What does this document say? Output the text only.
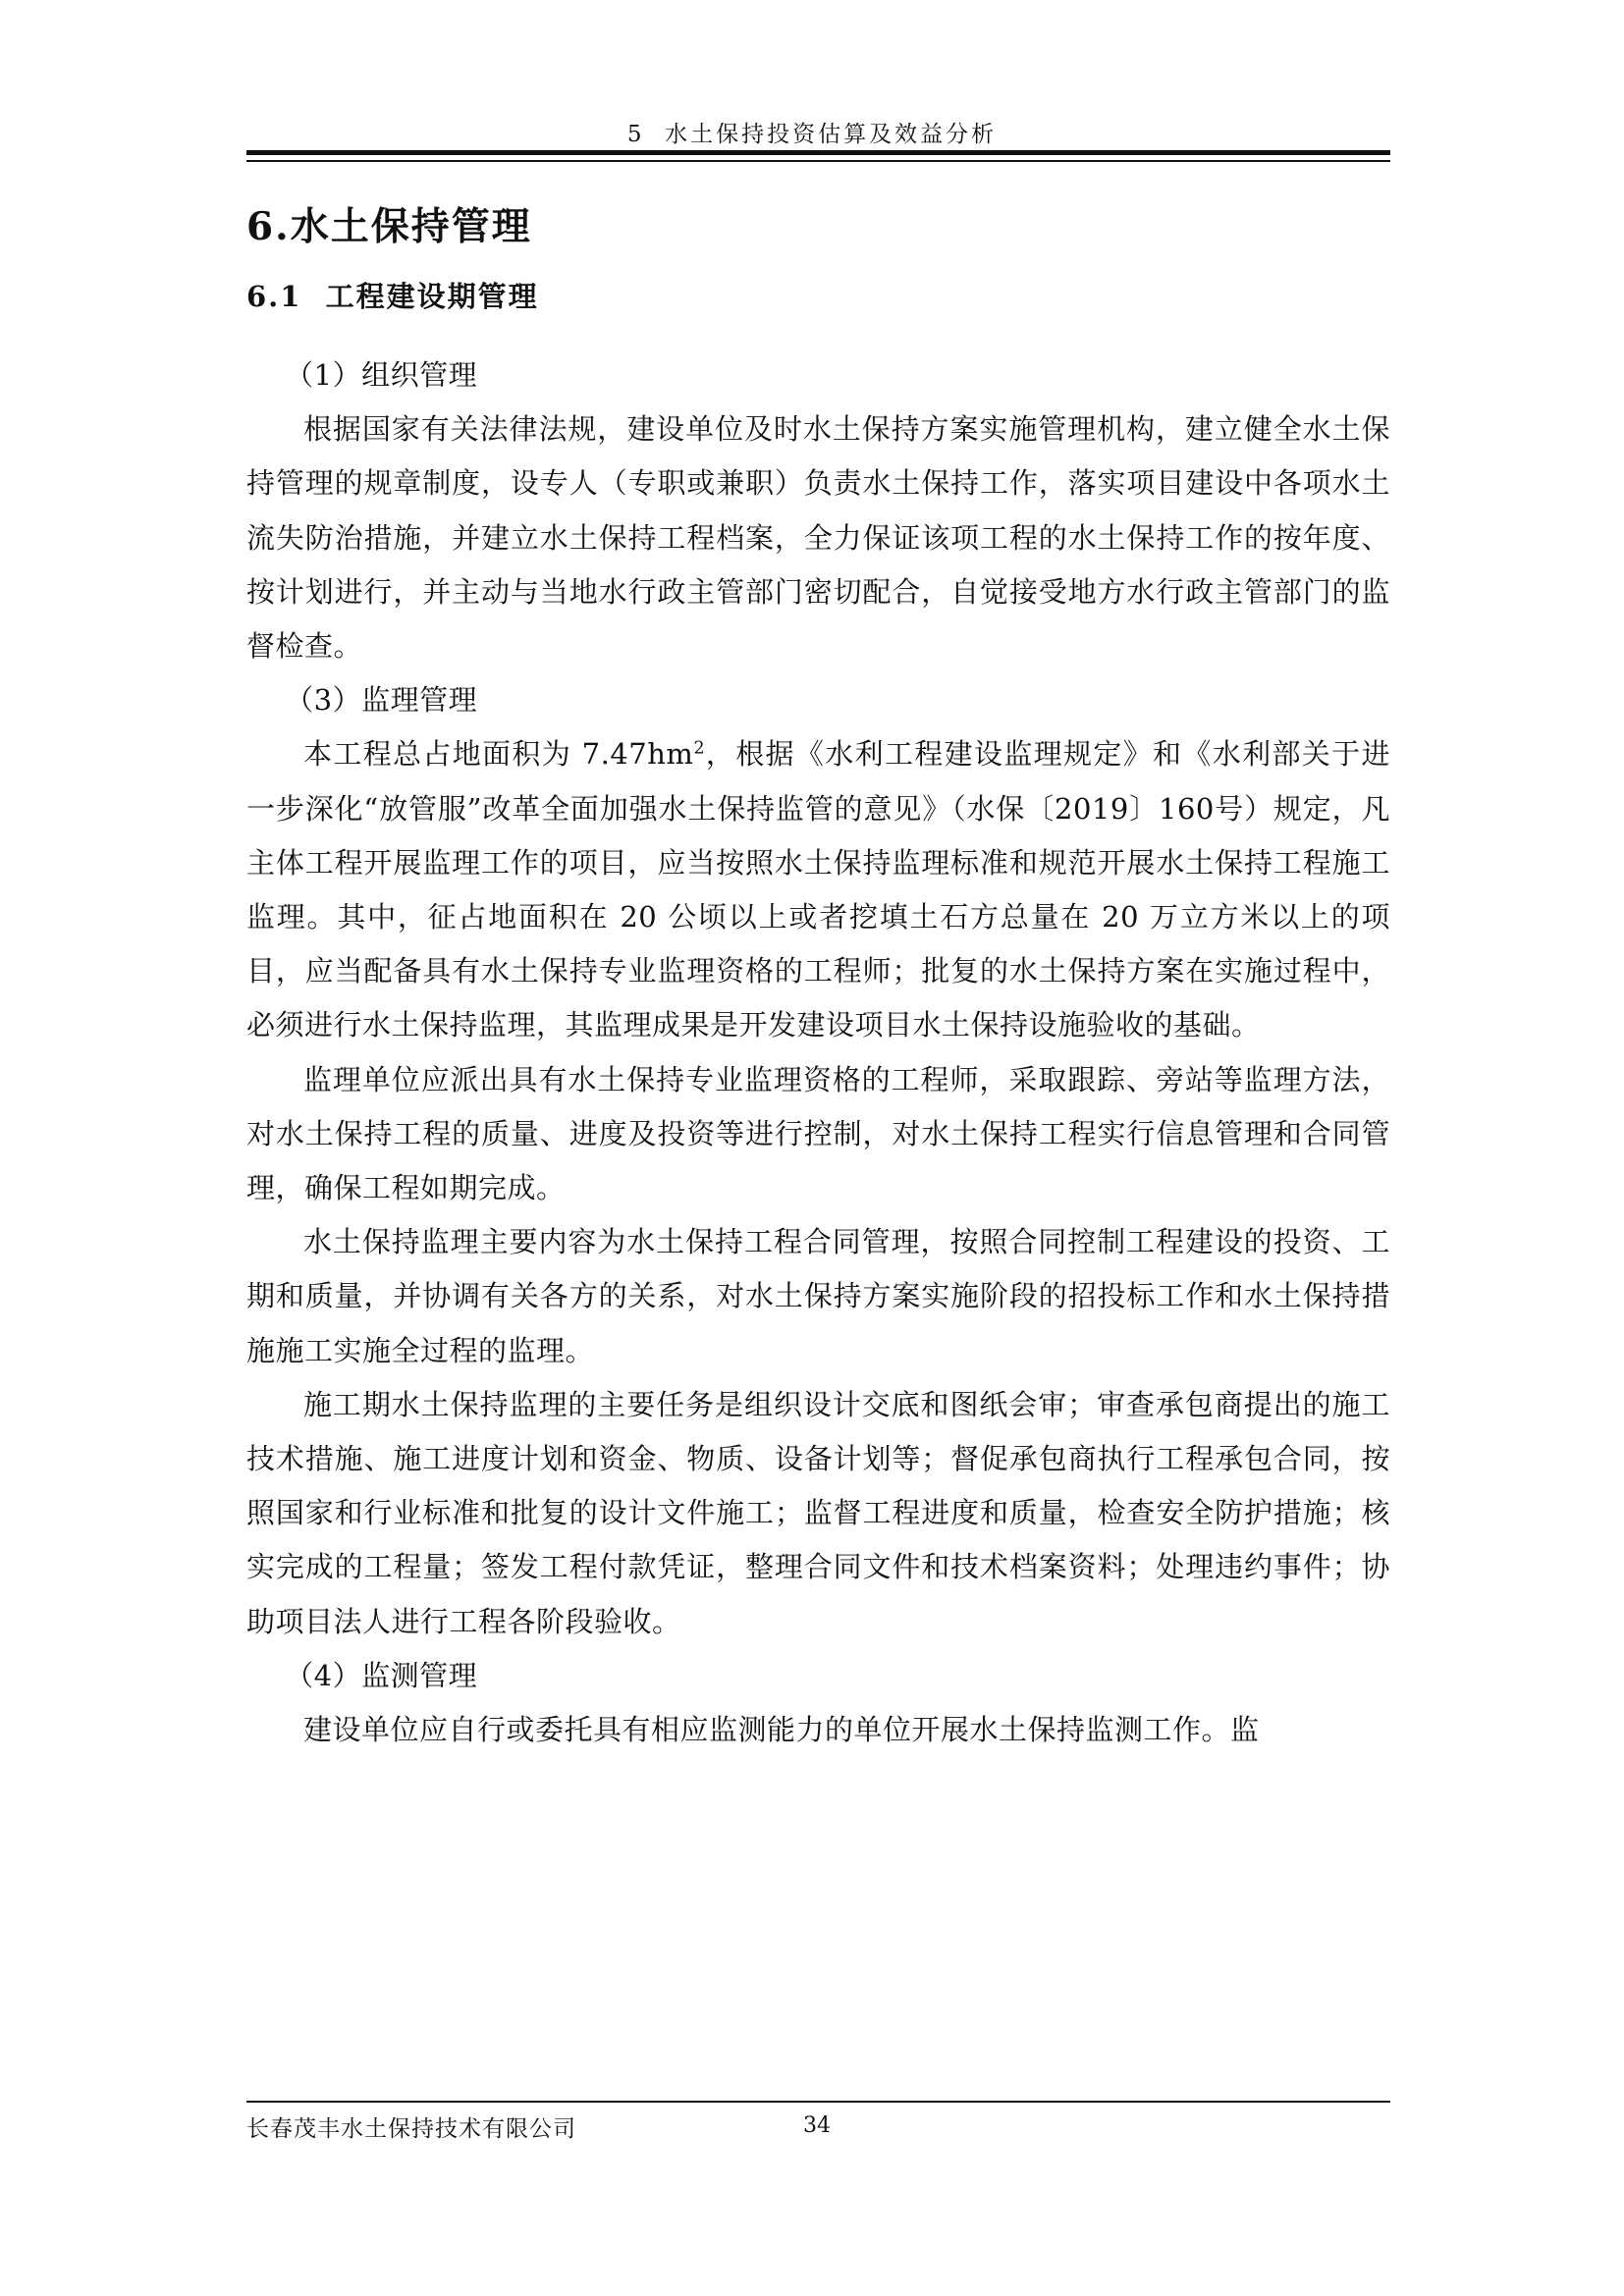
5  水土保持投资估算及效益分析
6.水土保持管理
6.1  工程建设期管理

（1）组织管理

根据国家有关法律法规，建设单位及时水土保持方案实施管理机构，建立健全水土保持管理的规章制度，设专人（专职或兼职）负责水土保持工作，落实项目建设中各项水土流失防治措施，并建立水土保持工程档案，全力保证该项工程的水土保持工作的按年度、按计划进行，并主动与当地水行政主管部门密切配合，自觉接受地方水行政主管部门的监督检查。

（3）监理管理

本工程总占地面积为 $7.47hm^2$，根据《水利工程建设监理规定》和《水利部关于进一步深化“放管服”改革全面加强水土保持监管的意见》（水保〔2019〕160号）规定，凡主体工程开展监理工作的项目，应当按照水土保持监理标准和规范开展水土保持工程施工监理。其中，征占地面积在 20 公顷以上或者挖填土石方总量在 20 万立方米以上的项目，应当配备具有水土保持专业监理资格的工程师；批复的水土保持方案在实施过程中，必须进行水土保持监理，其监理成果是开发建设项目水土保持设施验收的基础。

监理单位应派出具有水土保持专业监理资格的工程师，采取跟踪、旁站等监理方法，对水土保持工程的质量、进度及投资等进行控制，对水土保持工程实行信息管理和合同管理，确保工程如期完成。

水土保持监理主要内容为水土保持工程合同管理，按照合同控制工程建设的投资、工期和质量，并协调有关各方的关系，对水土保持方案实施阶段的招投标工作和水土保持措施施工实施全过程的监理。

施工期水土保持监理的主要任务是组织设计交底和图纸会审；审查承包商提出的施工技术措施、施工进度计划和资金、物质、设备计划等；督促承包商执行工程承包合同，按照国家和行业标准和批复的设计文件施工；监督工程进度和质量，检查安全防护措施；核实完成的工程量；签发工程付款凭证，整理合同文件和技术档案资料；处理违约事件；协助项目法人进行工程各阶段验收。

（4）监测管理

建设单位应自行或委托具有相应监测能力的单位开展水土保持监测工作。监

长春茂丰水土保持技术有限公司	34
